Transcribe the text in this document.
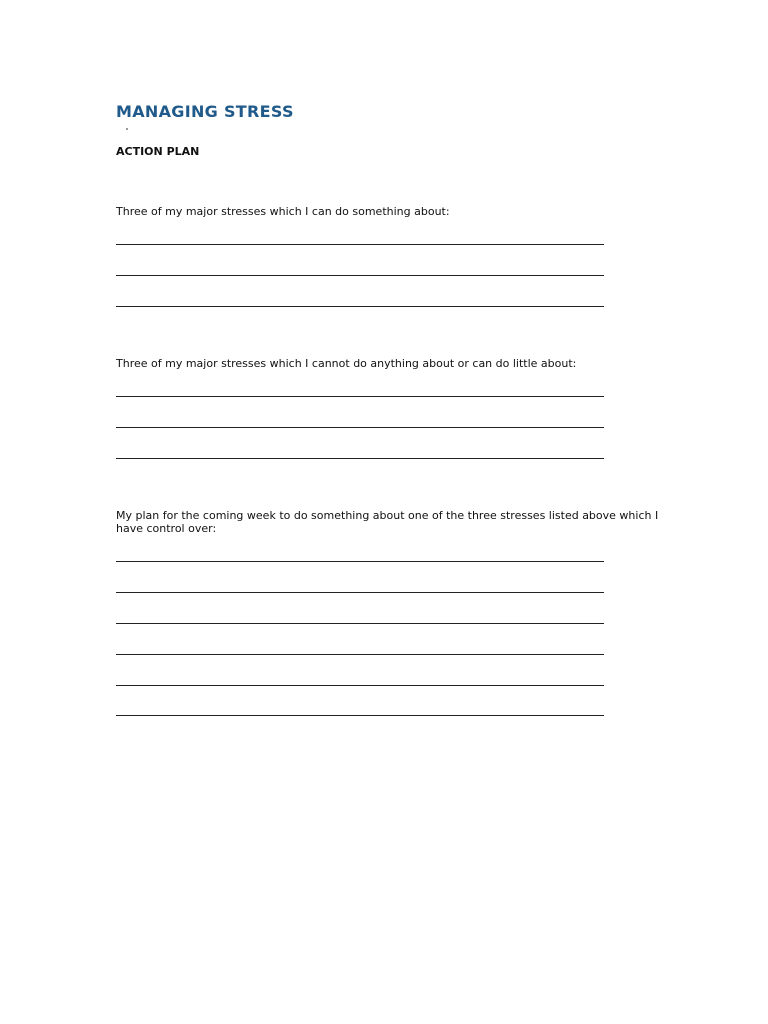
MANAGING STRESS
ACTION PLAN

Three of my major stresses which I can do something about:

Three of my major stresses which I cannot do anything about or can do little about:

My plan for the coming week to do something about one of the three stresses listed above which I have control over:
